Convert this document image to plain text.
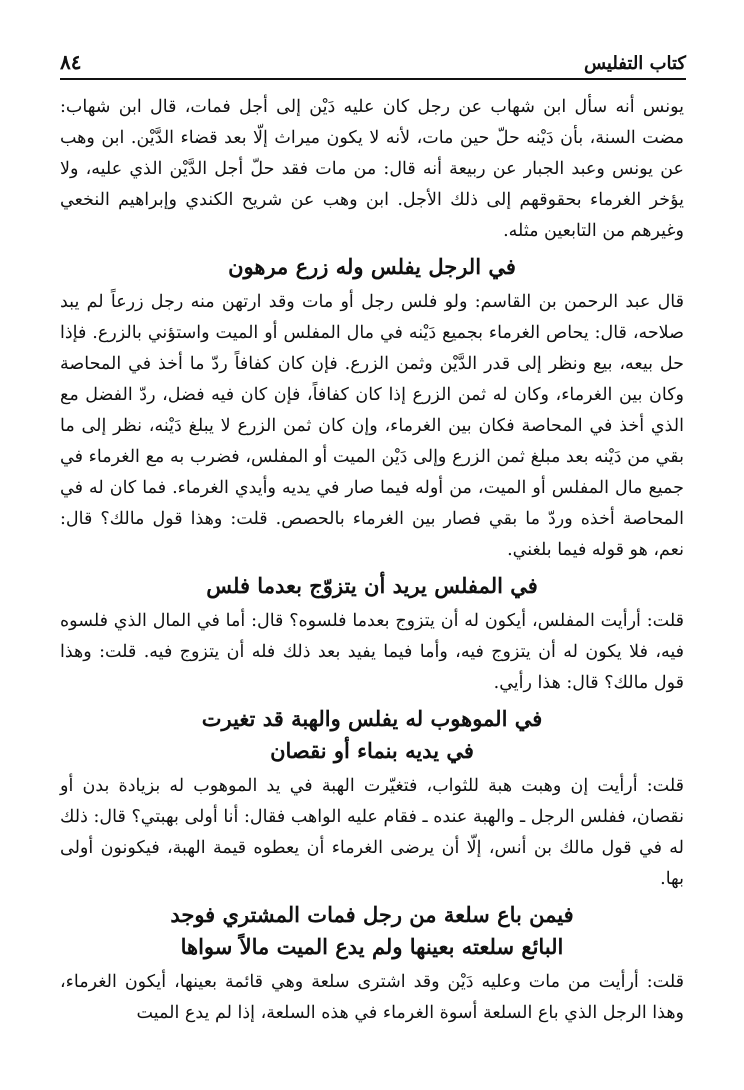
كتاب التفليس
٨٤

يونس أنه سأل ابن شهاب عن رجل كان عليه دَيْن إلى أجل فمات، قال ابن شهاب: مضت السنة، بأن دَيْنه حلّ حين مات، لأنه لا يكون ميراث إلّا بعد قضاء الدَّيْن. ابن وهب عن يونس وعبد الجبار عن ربيعة أنه قال: من مات فقد حلّ أجل الدَّيْن الذي عليه، ولا يؤخر الغرماء بحقوقهم إلى ذلك الأجل. ابن وهب عن شريح الكندي وإبراهيم النخعي وغيرهم من التابعين مثله.

في الرجل يفلس وله زرع مرهون

قال عبد الرحمن بن القاسم: ولو فلس رجل أو مات وقد ارتهن منه رجل زرعاً لم يبد صلاحه، قال: يحاص الغرماء بجميع دَيْنه في مال المفلس أو الميت واستؤني بالزرع. فإذا حل بيعه، بيع ونظر إلى قدر الدَّيْن وثمن الزرع. فإن كان كفافاً ردّ ما أخذ في المحاصة وكان بين الغرماء، وكان له ثمن الزرع إذا كان كفافاً، فإن كان فيه فضل، ردّ الفضل مع الذي أخذ في المحاصة فكان بين الغرماء، وإن كان ثمن الزرع لا يبلغ دَيْنه، نظر إلى ما بقي من دَيْنه بعد مبلغ ثمن الزرع وإلى دَيْن الميت أو المفلس، فضرب به مع الغرماء في جميع مال المفلس أو الميت، من أوله فيما صار في يديه وأيدي الغرماء. فما كان له في المحاصة أخذه وردّ ما بقي فصار بين الغرماء بالحصص. قلت: وهذا قول مالك؟ قال: نعم، هو قوله فيما بلغني.

في المفلس يريد أن يتزوّج بعدما فلس

قلت: أرأيت المفلس، أيكون له أن يتزوج بعدما فلسوه؟ قال: أما في المال الذي فلسوه فيه، فلا يكون له أن يتزوج فيه، وأما فيما يفيد بعد ذلك فله أن يتزوج فيه. قلت: وهذا قول مالك؟ قال: هذا رأيي.

في الموهوب له يفلس والهبة قد تغيرت
في يديه بنماء أو نقصان

قلت: أرأيت إن وهبت هبة للثواب، فتغيّرت الهبة في يد الموهوب له بزيادة بدن أو نقصان، ففلس الرجل ـ والهبة عنده ـ فقام عليه الواهب فقال: أنا أولى بهبتي؟ قال: ذلك له في قول مالك بن أنس، إلّا أن يرضى الغرماء أن يعطوه قيمة الهبة، فيكونون أولى بها.

فيمن باع سلعة من رجل فمات المشتري فوجد
البائع سلعته بعينها ولم يدع الميت مالاً سواها

قلت: أرأيت من مات وعليه دَيْن وقد اشترى سلعة وهي قائمة بعينها، أيكون الغرماء، وهذا الرجل الذي باع السلعة أسوة الغرماء في هذه السلعة، إذا لم يدع الميت
